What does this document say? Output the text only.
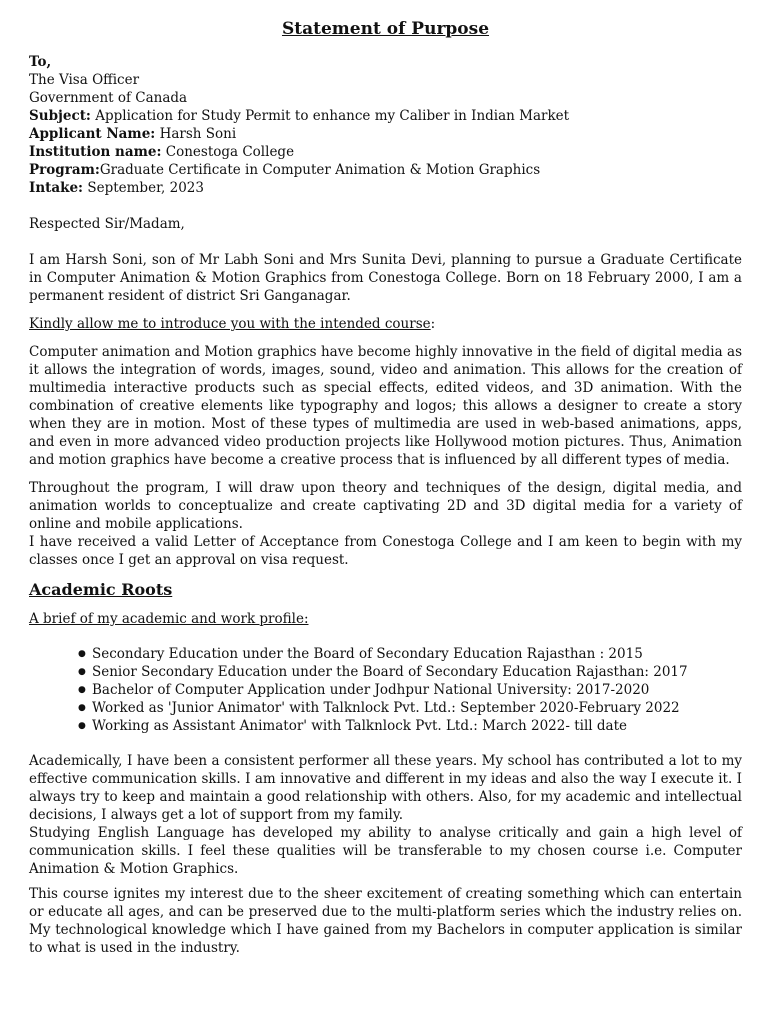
Statement of Purpose
To,
The Visa Officer
Government of Canada
Subject: Application for Study Permit to enhance my Caliber in Indian Market
Applicant Name: Harsh Soni
Institution name: Conestoga College
Program:Graduate Certificate in Computer Animation & Motion Graphics
Intake: September, 2023
Respected Sir/Madam,

I am Harsh Soni, son of Mr Labh Soni and Mrs Sunita Devi, planning to pursue a Graduate Certificate in Computer Animation & Motion Graphics from Conestoga College. Born on 18 February 2000, I am a permanent resident of district Sri Ganganagar.

Kindly allow me to introduce you with the intended course:

Computer animation and Motion graphics have become highly innovative in the field of digital media as it allows the integration of words, images, sound, video and animation. This allows for the creation of multimedia interactive products such as special effects, edited videos, and 3D animation. With the combination of creative elements like typography and logos; this allows a designer to create a story when they are in motion. Most of these types of multimedia are used in web-based animations, apps, and even in more advanced video production projects like Hollywood motion pictures. Thus, Animation and motion graphics have become a creative process that is influenced by all different types of media.

Throughout the program, I will draw upon theory and techniques of the design, digital media, and animation worlds to conceptualize and create captivating 2D and 3D digital media for a variety of online and mobile applications.

I have received a valid Letter of Acceptance from Conestoga College and I am keen to begin with my classes once I get an approval on visa request.

Academic Roots
A brief of my academic and work profile:
● Secondary Education under the Board of Secondary Education Rajasthan : 2015
● Senior Secondary Education under the Board of Secondary Education Rajasthan: 2017
● Bachelor of Computer Application under Jodhpur National University: 2017-2020
● Worked as 'Junior Animator' with Talknlock Pvt. Ltd.: September 2020-February 2022
● Working as Assistant Animator' with Talknlock Pvt. Ltd.: March 2022- till date

Academically, I have been a consistent performer all these years. My school has contributed a lot to my effective communication skills. I am innovative and different in my ideas and also the way I execute it. I always try to keep and maintain a good relationship with others. Also, for my academic and intellectual decisions, I always get a lot of support from my family.

Studying English Language has developed my ability to analyse critically and gain a high level of communication skills. I feel these qualities will be transferable to my chosen course i.e. Computer Animation & Motion Graphics.

This course ignites my interest due to the sheer excitement of creating something which can entertain or educate all ages, and can be preserved due to the multi-platform series which the industry relies on. My technological knowledge which I have gained from my Bachelors in computer application is similar to what is used in the industry.
